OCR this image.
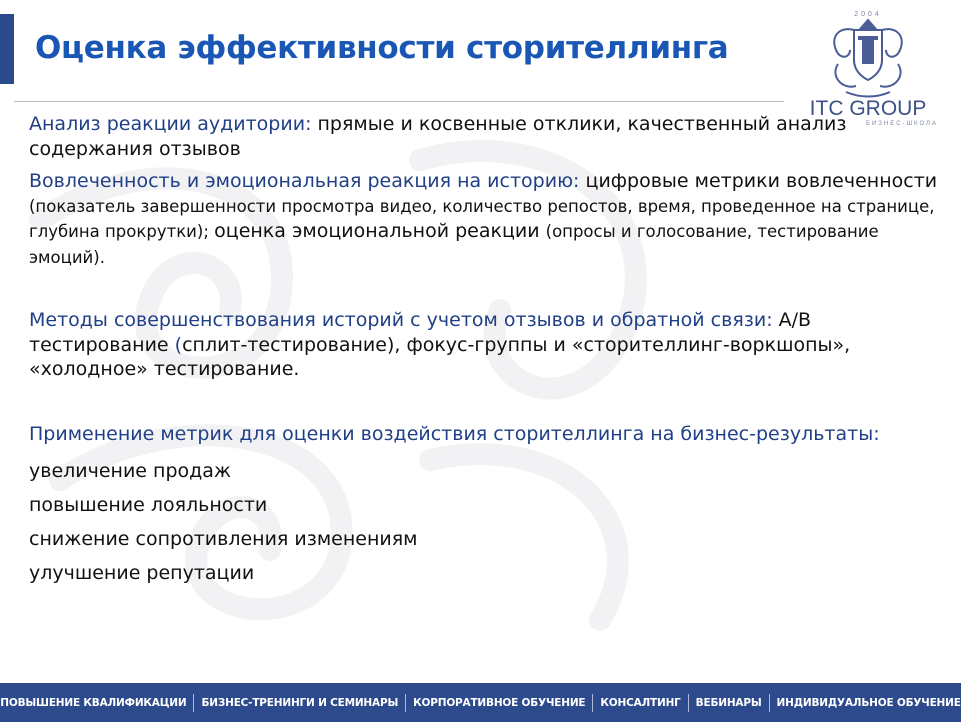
Оценка эффективности сторителлинга
2004
ITC GROUP
БИЗНЕС-ШКОЛА

Анализ реакции аудитории: прямые и косвенные отклики, качественный анализ содержания отзывов

Вовлеченность и эмоциональная реакция на историю: цифровые метрики вовлеченности (показатель завершенности просмотра видео, количество репостов, время, проведенное на странице, глубина прокрутки); оценка эмоциональной реакции (опросы и голосование, тестирование эмоций).

Методы совершенствования историй с учетом отзывов и обратной связи: А/В тестирование (сплит-тестирование), фокус-группы и «сторителлинг-воркшопы», «холодное» тестирование.

Применение метрик для оценки воздействия сторителлинга на бизнес-результаты:

увеличение продаж
повышение лояльности
снижение сопротивления изменениям
улучшение репутации
ПОВЫШЕНИЕ КВАЛИФИКАЦИИ БИЗНЕС-ТРЕНИНГИ И СЕМИНАРЫ КОРПОРАТИВНОЕ ОБУЧЕНИЕ КОНСАЛТИНГ ВЕБИНАРЫ ИНДИВИДУАЛЬНОЕ ОБУЧЕНИЕ
